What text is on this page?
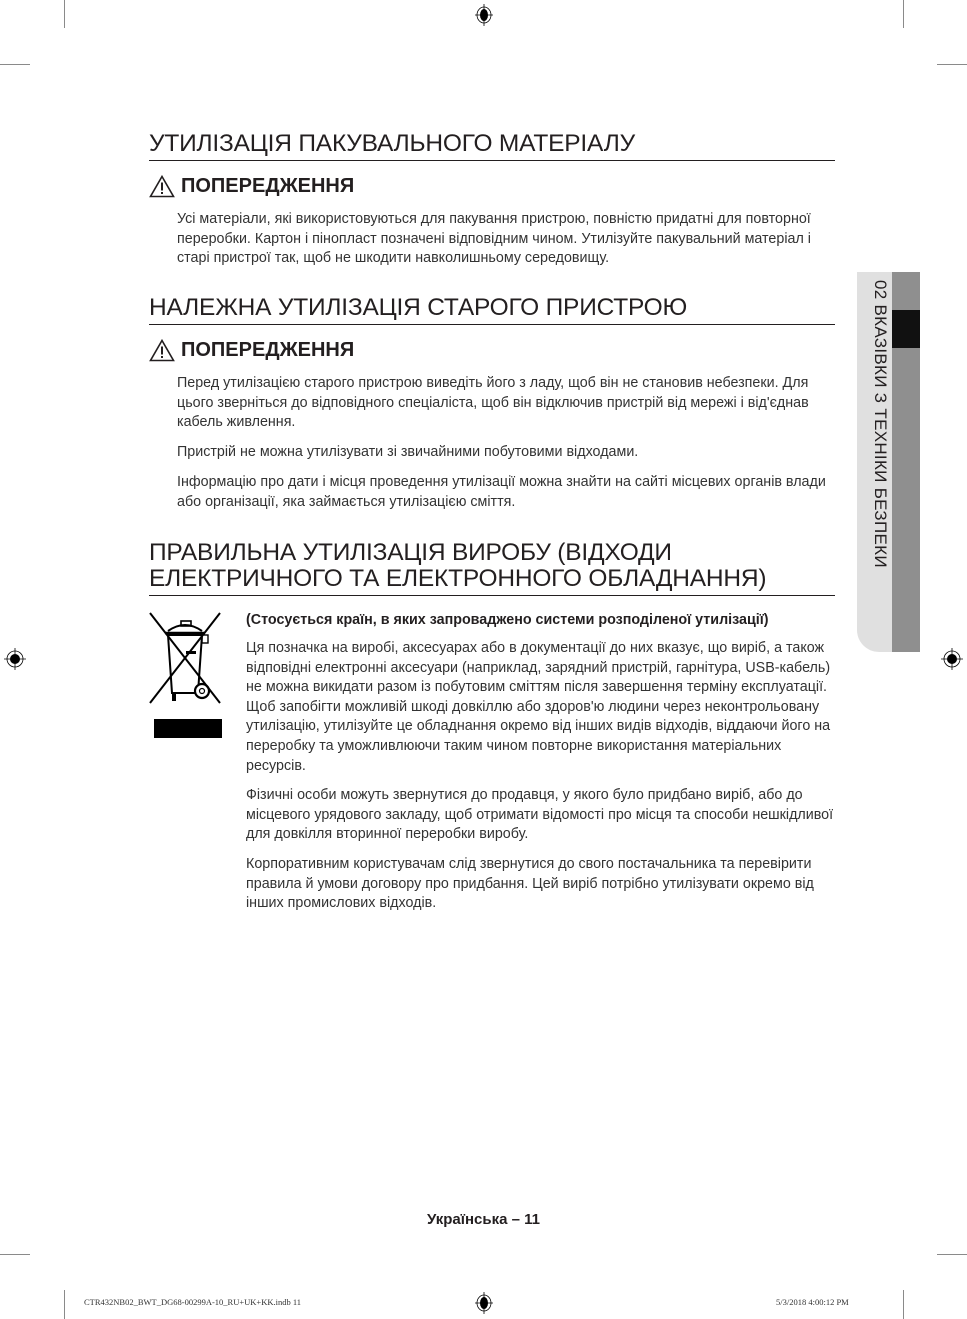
УТИЛІЗАЦІЯ ПАКУВАЛЬНОГО МАТЕРІАЛУ
ПОПЕРЕДЖЕННЯ

Усі матеріали, які використовуються для пакування пристрою, повністю придатні для повторної переробки. Картон і пінопласт позначені відповідним чином. Утилізуйте пакувальний матеріал і старі пристрої так, щоб не шкодити навколишньому середовищу.

НАЛЕЖНА УТИЛІЗАЦІЯ СТАРОГО ПРИСТРОЮ
ПОПЕРЕДЖЕННЯ

Перед утилізацією старого пристрою виведіть його з ладу, щоб він не становив небезпеки. Для цього зверніться до відповідного спеціаліста, щоб він відключив пристрій від мережі і від'єднав кабель живлення.

Пристрій не можна утилізувати зі звичайними побутовими відходами.

Інформацію про дати і місця проведення утилізації можна знайти на сайті місцевих органів влади або організації, яка займається утилізацією сміття.

ПРАВИЛЬНА УТИЛІЗАЦІЯ ВИРОБУ (ВІДХОДИ
ЕЛЕКТРИЧНОГО ТА ЕЛЕКТРОННОГО ОБЛАДНАННЯ)
(Стосується країн, в яких запроваджено системи розподіленої утилізації)

Ця позначка на виробі, аксесуарах або в документації до них вказує, що виріб, а також відповідні електронні аксесуари (наприклад, зарядний пристрій, гарнітура, USB-кабель) не можна викидати разом із побутовим сміттям після завершення терміну експлуатації. Щоб запобігти можливій шкоді довкіллю або здоров'ю людини через неконтрольовану утилізацію, утилізуйте це обладнання окремо від інших видів відходів, віддаючи його на переробку та уможливлюючи таким чином повторне використання матеріальних ресурсів.

Фізичні особи можуть звернутися до продавця, у якого було придбано виріб, або до місцевого урядового закладу, щоб отримати відомості про місця та способи нешкідливої для довкілля вторинної переробки виробу.

Корпоративним користувачам слід звернутися до свого постачальника та перевірити правила й умови договору про придбання. Цей виріб потрібно утилізувати окремо від інших промислових відходів.

02 ВКАЗІВКИ З ТЕХНІКИ БЕЗПЕКИ
Українська – 11
CTR432NB02_BWT_DG68-00299A-10_RU+UK+KK.indb 11	5/3/2018 4:00:12 PM
